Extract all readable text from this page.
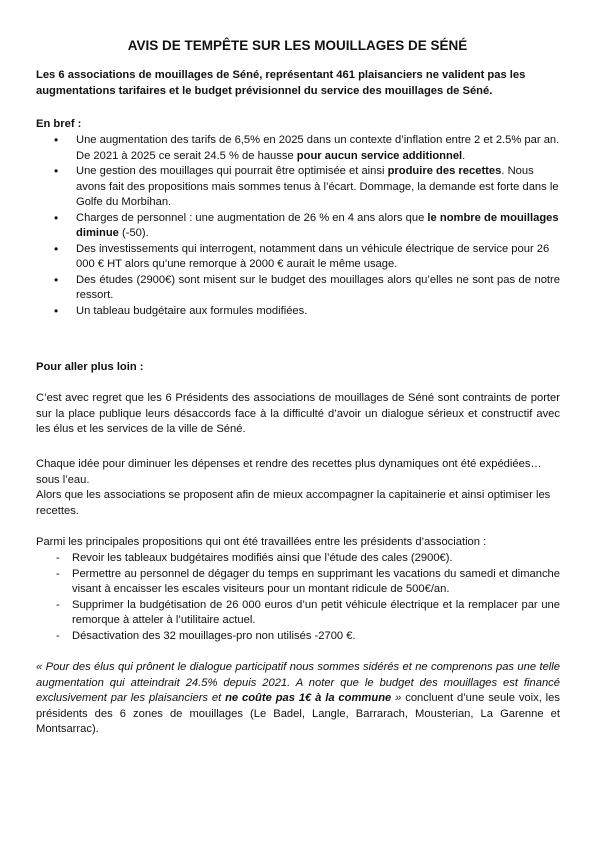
AVIS DE TEMPÊTE SUR LES MOUILLAGES DE SÉNÉ
Les 6 associations de mouillages de Séné, représentant 461 plaisanciers ne valident pas les augmentations tarifaires et le budget prévisionnel du service des mouillages de Séné.
En bref :
• Une augmentation des tarifs de 6,5% en 2025 dans un contexte d’inflation entre 2 et 2.5% par an.
De 2021 à 2025 ce serait 24.5 % de hausse pour aucun service additionnel.
• Une gestion des mouillages qui pourrait être optimisée et ainsi produire des recettes. Nous avons fait des propositions mais sommes tenus à l’écart. Dommage, la demande est forte dans le Golfe du Morbihan.
• Charges de personnel : une augmentation de 26 % en 4 ans alors que le nombre de mouillages diminue (-50).
• Des investissements qui interrogent, notamment dans un véhicule électrique de service pour 26 000 € HT alors qu’une remorque à 2000 € aurait le même usage.
• Des études (2900€) sont misent sur le budget des mouillages alors qu’elles ne sont pas de notre ressort.
• Un tableau budgétaire aux formules modifiées.
Pour aller plus loin :
C’est avec regret que les 6 Présidents des associations de mouillages de Séné sont contraints de porter sur la place publique leurs désaccords face à la difficulté d’avoir un dialogue sérieux et constructif avec les élus et les services de la ville de Séné.

Chaque idée pour diminuer les dépenses et rendre des recettes plus dynamiques ont été expédiées… sous l’eau.

Alors que les associations se proposent afin de mieux accompagner la capitainerie et ainsi optimiser les recettes.

Parmi les principales propositions qui ont été travaillées entre les présidents d’association :
- Revoir les tableaux budgétaires modifiés ainsi que l’étude des cales (2900€).
- Permettre au personnel de dégager du temps en supprimant les vacations du samedi et dimanche visant à encaisser les escales visiteurs pour un montant ridicule de 500€/an.
- Supprimer la budgétisation de 26 000 euros d’un petit véhicule électrique et la remplacer par une remorque à atteler à l’utilitaire actuel.
- Désactivation des 32 mouillages-pro non utilisés -2700 €.
« Pour des élus qui prônent le dialogue participatif nous sommes sidérés et ne comprenons pas une telle augmentation qui atteindrait 24.5% depuis 2021. A noter que le budget des mouillages est financé exclusivement par les plaisanciers et ne coûte pas 1€ à la commune » concluent d’une seule voix, les présidents des 6 zones de mouillages (Le Badel, Langle, Barrarach, Mousterian, La Garenne et Montsarrac).
